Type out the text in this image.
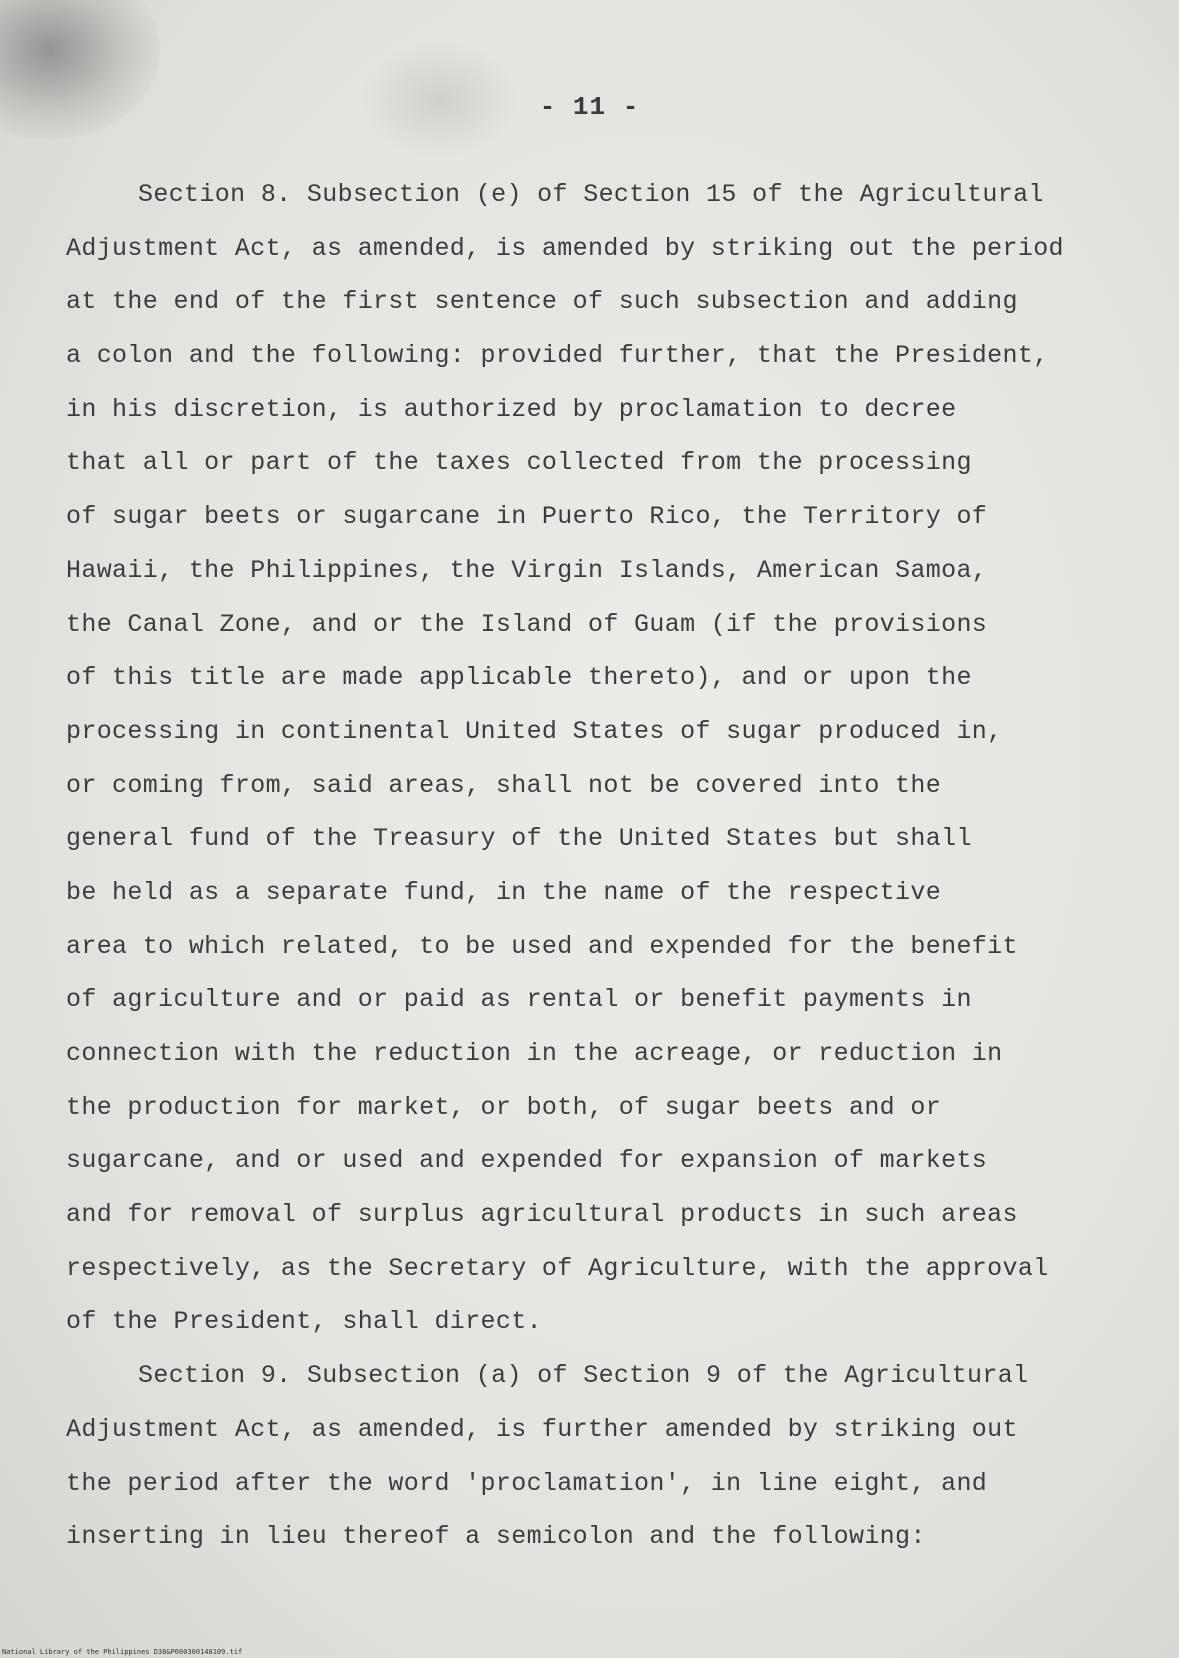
- 11 -
Section 8. Subsection (e) of Section 15 of the Agricultural
Adjustment Act, as amended, is amended by striking out the period
at the end of the first sentence of such subsection and adding
a colon and the following: provided further, that the President,
in his discretion, is authorized by proclamation to decree
that all or part of the taxes collected from the processing
of sugar beets or sugarcane in Puerto Rico, the Territory of
Hawaii, the Philippines, the Virgin Islands, American Samoa,
the Canal Zone, and or the Island of Guam (if the provisions
of this title are made applicable thereto), and or upon the
processing in continental United States of sugar produced in,
or coming from, said areas, shall not be covered into the
general fund of the Treasury of the United States but shall
be held as a separate fund, in the name of the respective
area to which related, to be used and expended for the benefit
of agriculture and or paid as rental or benefit payments in
connection with the reduction in the acreage, or reduction in
the production for market, or both, of sugar beets and or
sugarcane, and or used and expended for expansion of markets
and for removal of surplus agricultural products in such areas
respectively, as the Secretary of Agriculture, with the approval
of the President, shall direct.
Section 9. Subsection (a) of Section 9 of the Agricultural
Adjustment Act, as amended, is further amended by striking out
the period after the word 'proclamation', in line eight, and
inserting in lieu thereof a semicolon and the following:
National Library of the Philippines D38&P000300148109.tif
